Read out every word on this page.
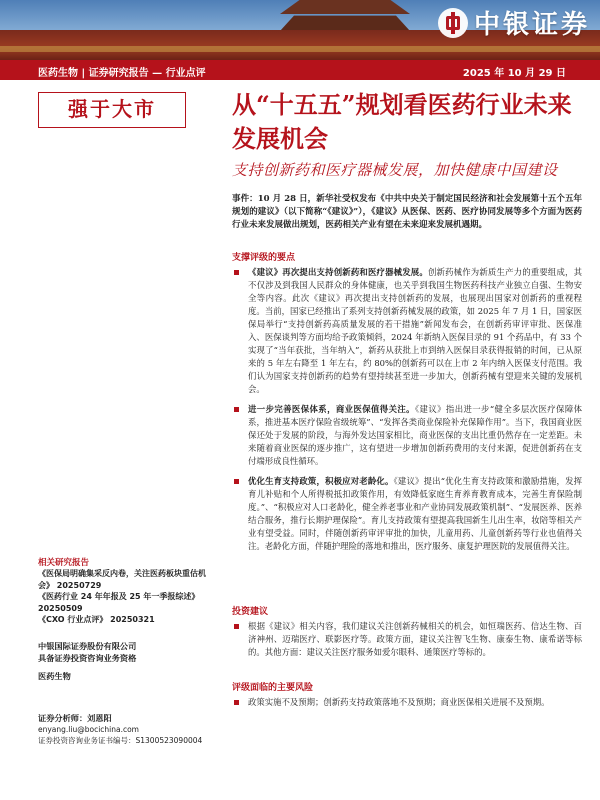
中银证券
医药生物 | 证券研究报告 — 行业点评	2025 年 10 月 29 日
强于大市	从“十五五”规划看医药行业未来发展机会
支持创新药和医疗器械发展，加快健康中国建设
事件：10 月 28 日，新华社受权发布《中共中央关于制定国民经济和社会发展第十五个五年规划的建议》（以下简称“《建议》”），《建议》从医保、医药、医疗协同发展等多个方面为医药行业未来发展做出规划，医药相关产业有望在未来迎来发展机遇期。
支撑评级的要点
《建议》再次提出支持创新药和医疗器械发展。创新药械作为新质生产力的重要组成，其不仅涉及到我国人民群众的身体健康，也关乎到我国生物医药科技产业独立自强、生物安全等内容。此次《建议》再次提出支持创新药的发展，也展现出国家对创新药的重视程度。当前，国家已经推出了系列支持创新药械发展的政策，如 2025 年 7 月 1 日，国家医保局举行“支持创新药高质量发展的若干措施”新闻发布会，在创新药审评审批、医保准入、医保谈判等方面均给予政策倾斜，2024 年新纳入医保目录的 91 个药品中，有 33 个实现了“当年获批，当年纳入”，新药从获批上市到纳入医保目录获得报销的时间，已从原来的 5 年左右降至 1 年左右，约 80%的创新药可以在上市 2 年内纳入医保支付范围。我们认为国家支持创新药的趋势有望持续甚至进一步加大，创新药械有望迎来关键的发展机会。
进一步完善医保体系，商业医保值得关注。《建议》指出进一步“健全多层次医疗保障体系，推进基本医疗保险省级统筹”、“发挥各类商业保险补充保障作用”。当下，我国商业医保还处于发展的阶段，与海外发达国家相比，商业医保的支出比重仍然存在一定差距。未来随着商业医保的逐步推广，这有望进一步增加创新药费用的支付来源，促进创新药在支付端形成良性循环。
优化生育支持政策，积极应对老龄化。《建议》提出“优化生育支持政策和激励措施，发挥育儿补贴和个人所得税抵扣政策作用，有效降低家庭生育养育教育成本，完善生育保险制度。”、“积极应对人口老龄化，健全养老事业和产业协同发展政策机制”、“发展医养、医养结合服务，推行长期护理保险”。育儿支持政策有望提高我国新生儿出生率，妆陪等相关产业有望受益。同时，伴随创新药审评审批的加快，儿童用药、儿童创新药等行业也值得关注。老龄化方面，伴随护理险的落地和推出，医疗服务、康复护理医院的发展值得关注。
投资建议
根据《建议》相关内容，我们建议关注创新药械相关的机会，如恒瑞医药、信达生物、百济神州、迈瑞医疗、联影医疗等。政策方面，建议关注智飞生物、康泰生物、康希诺等标的。其他方面：建议关注医疗服务如爱尔眼科、通策医疗等标的。
评级面临的主要风险
政策实施不及预期；创新药支持政策落地不及预期；商业医保相关进展不及预期。
相关研究报告
《医保局明确集采反内卷，关注医药板块重估机会》 20250729
《医药行业 24 年年报及 25 年一季报综述》
20250509
《CXO 行业点评》 20250321
中银国际证券股份有限公司
具备证券投资咨询业务资格
医药生物
证券分析师：刘恩阳
enyang.liu@bocichina.com
证券投资咨询业务证书编号：S1300523090004
